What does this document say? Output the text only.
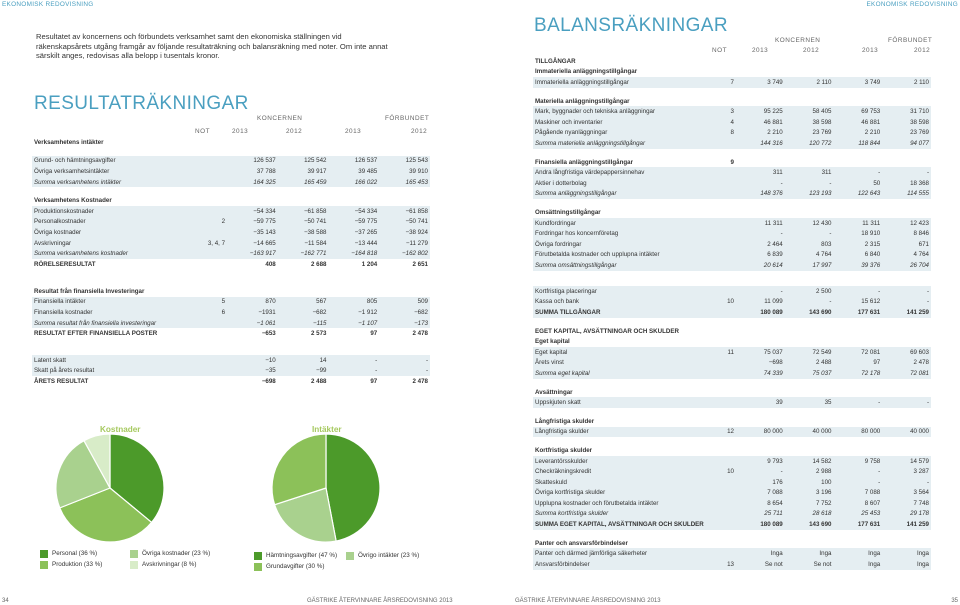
EKONOMISK REDOVISNING	EKONOMISK REDOVISNING
Resultatet av koncernens och förbundets verksamhet samt den ekonomiska ställningen vid räkenskapsårets utgång framgår av följande resultaträkning och balansräkning med noter. Om inte annat särskilt anges, redovisas alla belopp i tusentals kronor.
RESULTATRÄKNINGAR
KONCERNEN	FÖRBUNDET
NOT	2013	2012	2013	2012
Verksamhetens intäkter					

Grund- och hämtningsavgifter		126 537	125 542	126 537	125 543
Övriga verksamhetsintäkter		37 788	39 917	39 485	39 910
Summa verksamhetens intäkter		164 325	165 459	166 022	165 453

Verksamhetens Kostnader					
Produktionskostnader		−54 334	−61 858	−54 334	−61 858
Personalkostnader	2	−59 775	−50 741	−59 775	−50 741
Övriga kostnader		−35 143	−38 588	−37 265	−38 924
Avskrivningar	3, 4, 7	−14 665	−11 584	−13 444	−11 279
Summa verksamhetens kostnader		−163 917	−162 771	−164 818	−162 802
RÖRELSERESULTAT		408	2 688	1 204	2 651
Resultat från finansiella Investeringar					
Finansiella intäkter	5	870	567	805	509
Finansiella kostnader	6	−1931	−682	−1 912	−682
Summa resultat från finansiella investeringar		−1 061	−115	−1 107	−173
RESULTAT EFTER FINANSIELLA POSTER		−653	2 573	97	2 478

Latent skatt		−10	14	-	-
Skatt på årets resultat		−35	−99	-	-
ÅRETS RESULTAT		−698	2 488	97	2 478
BALANSRÄKNINGAR
KONCERNEN	FÖRBUNDET
NOT	2013	2012	2013	2012
TILLGÅNGAR					
Immateriella anläggningstillgångar					
Immateriella anläggningstillgångar	7	3 749	2 110	3 749	2 110

Materiella anläggningstillgångar					
Mark, byggnader och tekniska anläggningar	3	95 225	58 405	69 753	31 710
Maskiner och inventarier	4	46 881	38 598	46 881	38 598
Pågående nyanläggningar	8	2 210	23 769	2 210	23 769
Summa materiella anläggningstillgångar		144 316	120 772	118 844	94 077

Finansiella anläggningstillgångar	9				
Andra långfristiga värdepappersinnehav		311	311	-	-
Aktier i dotterbolag		-	-	50	18 368
Summa anläggningstillgångar		148 376	123 193	122 643	114 555

Omsättningstillgångar					
Kundfordringar		11 311	12 430	11 311	12 423
Fordringar hos koncernföretag		-	-	18 910	8 846
Övriga fordringar		2 464	803	2 315	671
Förutbetalda kostnader och upplupna intäkter		6 839	4 764	6 840	4 764
Summa omsättningstillgångar		20 614	17 997	39 376	26 704
Kortfristiga placeringar		-	2 500	-	-
Kassa och bank	10	11 099	-	15 612	-
SUMMA TILLGÅNGAR		180 089	143 690	177 631	141 259

EGET KAPITAL, AVSÄTTNINGAR OCH SKULDER					
Eget kapital					
Eget kapital	11	75 037	72 549	72 081	69 603
Årets vinst		−698	2 488	97	2 478
Summa eget kapital		74 339	75 037	72 178	72 081

Avsättningar					
Uppskjuten skatt		39	35	-	-

Långfristiga skulder					
Långfristiga skulder	12	80 000	40 000	80 000	40 000

Kortfristiga skulder					
Leverantörsskulder		9 793	14 582	9 758	14 579
Checkräkningskredit	10	-	2 988	-	3 287
Skatteskuld		176	100	-	-
Övriga kortfristiga skulder		7 088	3 196	7 088	3 564
Upplupna kostnader och förutbetalda intäkter		8 654	7 752	8 607	7 748
Summa kortfristiga skulder		25 711	28 618	25 453	29 178
SUMMA EGET KAPITAL, AVSÄTTNINGAR OCH SKULDER		180 089	143 690	177 631	141 259

Panter och ansvarsförbindelser					
Panter och därmed jämförliga säkerheter		Inga	Inga	Inga	Inga
Ansvarsförbindelser	13	Se not	Se not	Inga	Inga
Kostnader	Intäkter
Personal (36 %)	Övriga kostnader (23 %)
Produktion (33 %)	Avskrivningar (8 %)
Hämtningsavgifter (47 %)	Övrigo intäkter (23 %)
Grundavgifter (30 %)
34	GÄSTRIKE ÅTERVINNARE ÅRSREDOVISNING 2013	GÄSTRIKE ÅTERVINNARE ÅRSREDOVISNING 2013	35
